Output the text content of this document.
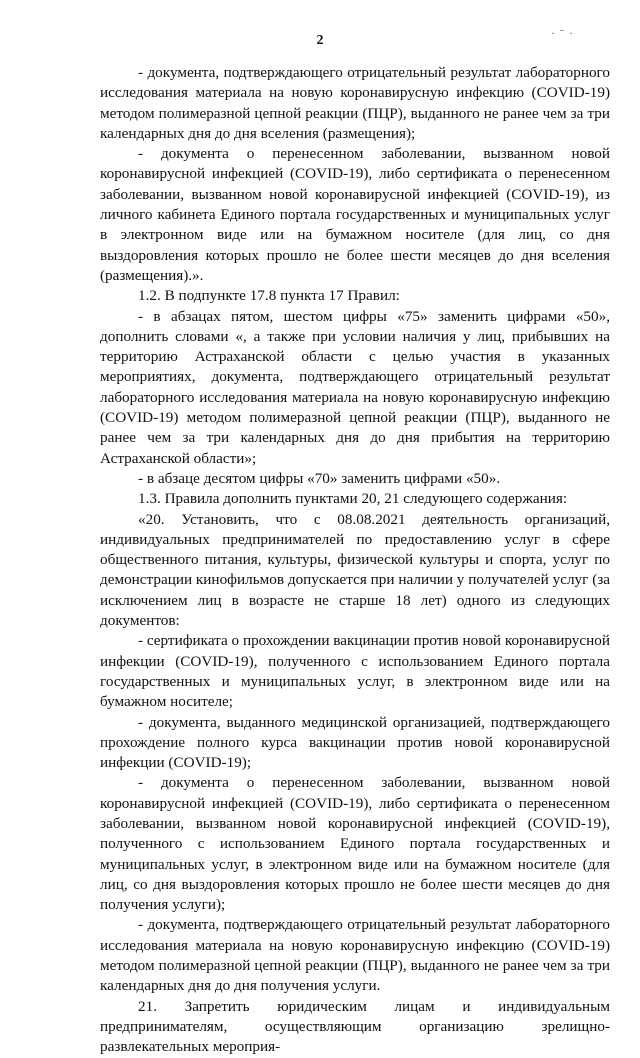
2	· ˉ ·

- документа, подтверждающего отрицательный результат лабораторного исследования материала на новую коронавирусную инфекцию (COVID-19) методом полимеразной цепной реакции (ПЦР), выданного не ранее чем за три календарных дня до дня вселения (размещения);

- документа о перенесенном заболевании, вызванном новой коронавирусной инфекцией (COVID-19), либо сертификата о перенесенном заболевании, вызванном новой коронавирусной инфекцией (COVID-19), из личного кабинета Единого портала государственных и муниципальных услуг в электронном виде или на бумажном носителе (для лиц, со дня выздоровления которых прошло не более шести месяцев до дня вселения (размещения).».

1.2. В подпункте 17.8 пункта 17 Правил:

- в абзацах пятом, шестом цифры «75» заменить цифрами «50», дополнить словами «, а также при условии наличия у лиц, прибывших на территорию Астраханской области с целью участия в указанных мероприятиях, документа, подтверждающего отрицательный результат лабораторного исследования материала на новую коронавирусную инфекцию (COVID-19) методом полимеразной цепной реакции (ПЦР), выданного не ранее чем за три календарных дня до дня прибытия на территорию Астраханской области»;

- в абзаце десятом цифры «70» заменить цифрами «50».

1.3. Правила дополнить пунктами 20, 21 следующего содержания:

«20. Установить, что с 08.08.2021 деятельность организаций, индивидуальных предпринимателей по предоставлению услуг в сфере общественного питания, культуры, физической культуры и спорта, услуг по демонстрации кинофильмов допускается при наличии у получателей услуг (за исключением лиц в возрасте не старше 18 лет) одного из следующих документов:

- сертификата о прохождении вакцинации против новой коронавирусной инфекции (COVID-19), полученного с использованием Единого портала государственных и муниципальных услуг, в электронном виде или на бумажном носителе;

- документа, выданного медицинской организацией, подтверждающего прохождение полного курса вакцинации против новой коронавирусной инфекции (COVID-19);

- документа о перенесенном заболевании, вызванном новой коронавирусной инфекцией (COVID-19), либо сертификата о перенесенном заболевании, вызванном новой коронавирусной инфекцией (COVID-19), полученного с использованием Единого портала государственных и муниципальных услуг, в электронном виде или на бумажном носителе (для лиц, со дня выздоровления которых прошло не более шести месяцев до дня получения услуги);

- документа, подтверждающего отрицательный результат лабораторного исследования материала на новую коронавирусную инфекцию (COVID-19) методом полимеразной цепной реакции (ПЦР), выданного не ранее чем за три календарных дня до дня получения услуги.

21. Запретить юридическим лицам и индивидуальным предпринимателям, осуществляющим организацию зрелищно-развлекательных мероприя-
